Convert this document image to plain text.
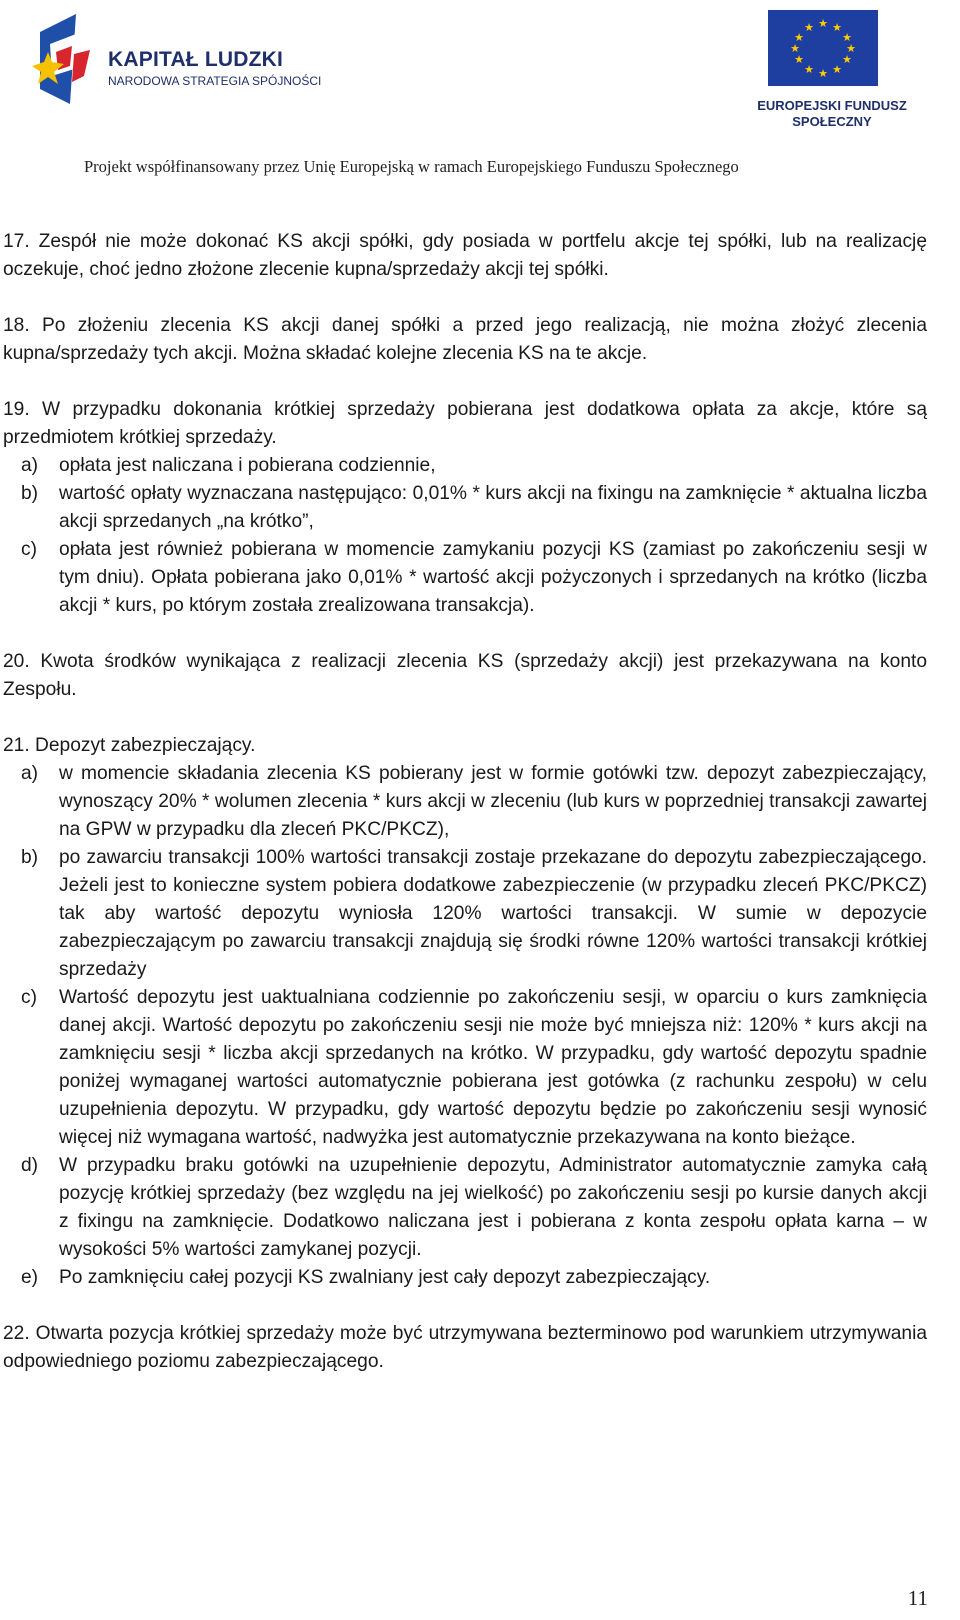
KAPITAŁ LUDZKI
NARODOWA STRATEGIA SPÓJNOŚCI
★ ★
★
★
★
★
★
★
★
★
★
★
EUROPEJSKI FUNDUSZ
SPOŁECZNY
Projekt współfinansowany przez Unię Europejską w ramach Europejskiego Funduszu Społecznego

17. Zespół nie może dokonać KS akcji spółki, gdy posiada w portfelu akcje tej spółki, lub na realizację oczekuje, choć jedno złożone zlecenie kupna/sprzedaży akcji tej spółki.

18. Po złożeniu zlecenia KS akcji danej spółki a przed jego realizacją, nie można złożyć zlecenia kupna/sprzedaży tych akcji. Można składać kolejne zlecenia KS na te akcje.

19. W przypadku dokonania krótkiej sprzedaży pobierana jest dodatkowa opłata za akcje, które są przedmiotem krótkiej sprzedaży.

a) opłata jest naliczana i pobierana codziennie,
b) wartość opłaty wyznaczana następująco: 0,01% * kurs akcji na fixingu na zamknięcie * aktualna liczba akcji sprzedanych „na krótko”,
c) opłata jest również pobierana w momencie zamykaniu pozycji KS (zamiast po zakończeniu sesji w tym dniu). Opłata pobierana jako 0,01% * wartość akcji pożyczonych i sprzedanych na krótko (liczba akcji * kurs, po którym została zrealizowana transakcja).

20. Kwota środków wynikająca z realizacji zlecenia KS (sprzedaży akcji) jest przekazywana na konto Zespołu.

21. Depozyt zabezpieczający.

a) w momencie składania zlecenia KS pobierany jest w formie gotówki tzw. depozyt zabezpieczający, wynoszący 20% * wolumen zlecenia * kurs akcji w zleceniu (lub kurs w poprzedniej transakcji zawartej na GPW w przypadku dla zleceń PKC/PKCZ),
b) po zawarciu transakcji 100% wartości transakcji zostaje przekazane do depozytu zabezpieczającego. Jeżeli jest to konieczne system pobiera dodatkowe zabezpieczenie (w przypadku zleceń PKC/PKCZ) tak aby wartość depozytu wyniosła 120% wartości transakcji. W sumie w depozycie zabezpieczającym po zawarciu transakcji znajdują się środki równe 120% wartości transakcji krótkiej sprzedaży
c) Wartość depozytu jest uaktualniana codziennie po zakończeniu sesji, w oparciu o kurs zamknięcia danej akcji. Wartość depozytu po zakończeniu sesji nie może być mniejsza niż: 120% * kurs akcji na zamknięciu sesji * liczba akcji sprzedanych na krótko. W przypadku, gdy wartość depozytu spadnie poniżej wymaganej wartości automatycznie pobierana jest gotówka (z rachunku zespołu) w celu uzupełnienia depozytu. W przypadku, gdy wartość depozytu będzie po zakończeniu sesji wynosić więcej niż wymagana wartość, nadwyżka jest automatycznie przekazywana na konto bieżące.
d) W przypadku braku gotówki na uzupełnienie depozytu, Administrator automatycznie zamyka całą pozycję krótkiej sprzedaży (bez względu na jej wielkość) po zakończeniu sesji po kursie danych akcji z fixingu na zamknięcie. Dodatkowo naliczana jest i pobierana z konta zespołu opłata karna – w wysokości 5% wartości zamykanej pozycji.
e) Po zamknięciu całej pozycji KS zwalniany jest cały depozyt zabezpieczający.

22. Otwarta pozycja krótkiej sprzedaży może być utrzymywana bezterminowo pod warunkiem utrzymywania odpowiedniego poziomu zabezpieczającego.

11
